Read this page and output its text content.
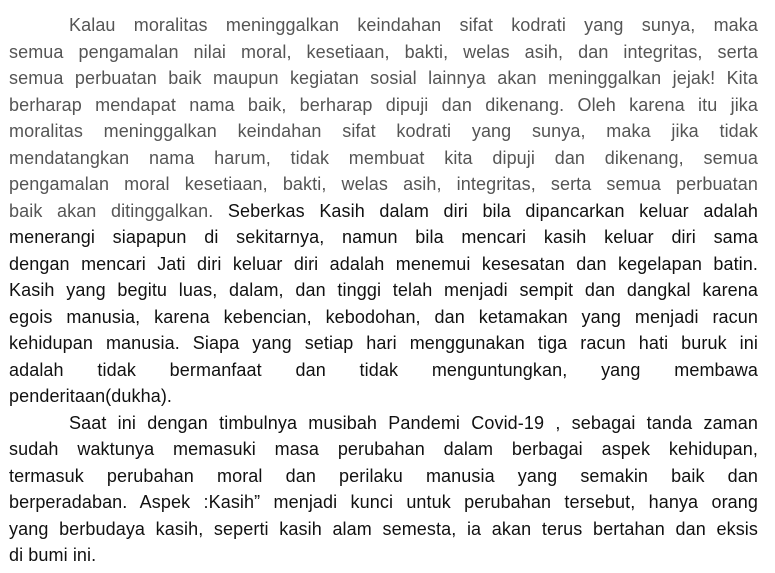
Kalau moralitas meninggalkan keindahan sifat kodrati yang sunya, maka
semua pengamalan nilai moral, kesetiaan, bakti, welas asih, dan integritas, serta
semua perbuatan baik maupun kegiatan sosial lainnya akan meninggalkan jejak! Kita
berharap mendapat nama baik, berharap dipuji dan dikenang. Oleh karena itu jika
moralitas meninggalkan keindahan sifat kodrati yang sunya, maka jika tidak
mendatangkan nama harum, tidak membuat kita dipuji dan dikenang, semua
pengamalan moral kesetiaan, bakti, welas asih, integritas, serta semua perbuatan
baik akan ditinggalkan. Seberkas Kasih dalam diri bila dipancarkan keluar adalah
menerangi siapapun di sekitarnya, namun bila mencari kasih keluar diri sama
dengan mencari Jati diri keluar diri adalah menemui kesesatan dan kegelapan batin.
Kasih yang begitu luas, dalam, dan tinggi telah menjadi sempit dan dangkal karena
egois manusia, karena kebencian, kebodohan, dan ketamakan yang menjadi racun
kehidupan manusia. Siapa yang setiap hari menggunakan tiga racun hati buruk ini
adalah tidak bermanfaat dan tidak menguntungkan, yang membawa
penderitaan(dukha).
Saat ini dengan timbulnya musibah Pandemi Covid-19 , sebagai tanda zaman
sudah waktunya memasuki masa perubahan dalam berbagai aspek kehidupan,
termasuk perubahan moral dan perilaku manusia yang semakin baik dan
berperadaban. Aspek :Kasih” menjadi kunci untuk perubahan tersebut, hanya orang
yang berbudaya kasih, seperti kasih alam semesta, ia akan terus bertahan dan eksis
di bumi ini.
